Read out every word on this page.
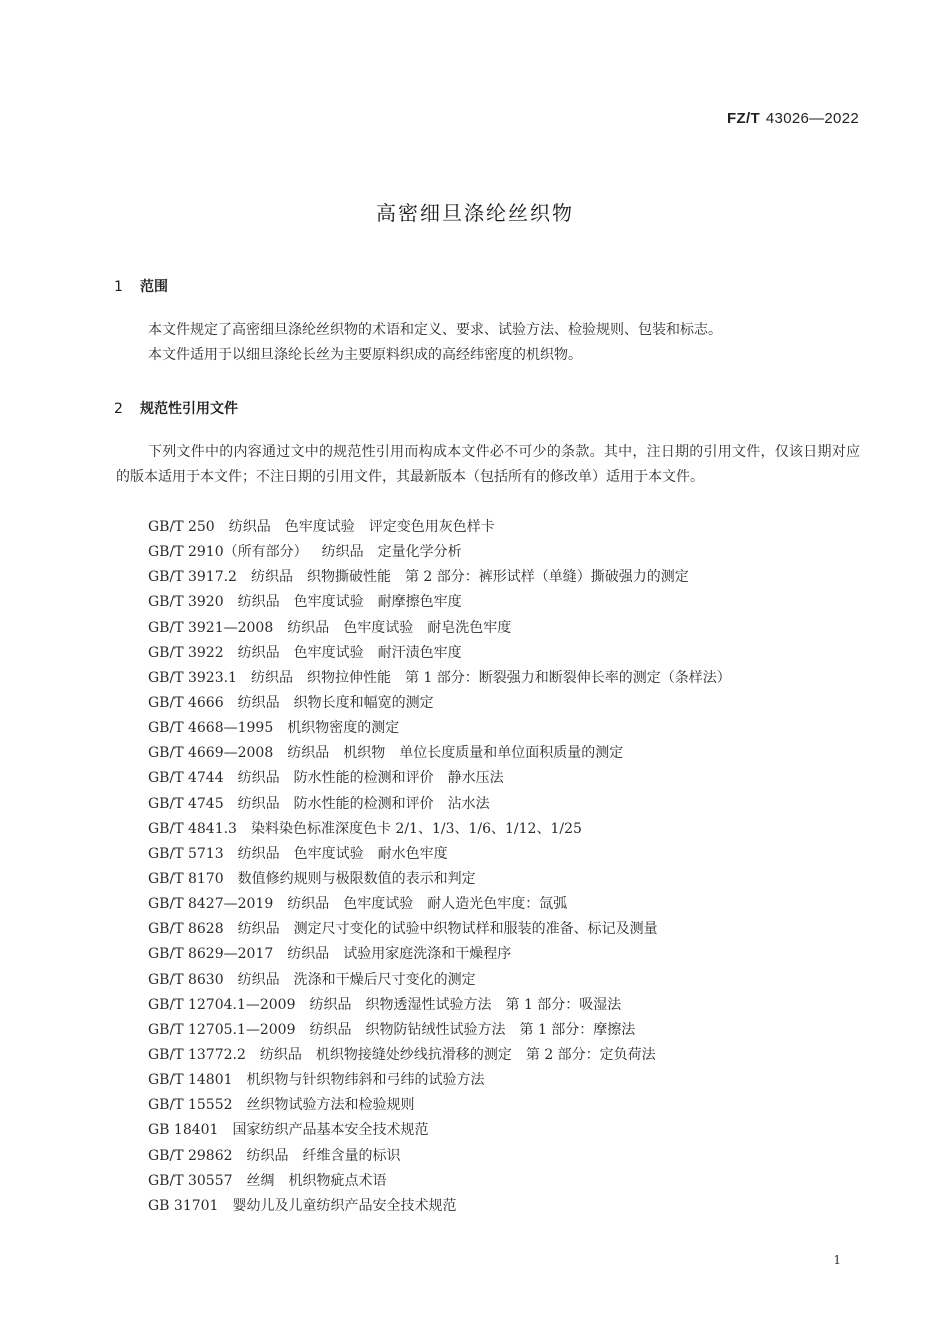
FZ/T 43026—2022
高密细旦涤纶丝织物
1 范围

本文件规定了高密细旦涤纶丝织物的术语和定义、要求、试验方法、检验规则、包装和标志。

本文件适用于以细旦涤纶长丝为主要原料织成的高经纬密度的机织物。

2 规范性引用文件

下列文件中的内容通过文中的规范性引用而构成本文件必不可少的条款。其中，注日期的引用文件，仅该日期对应的版本适用于本文件；不注日期的引用文件，其最新版本（包括所有的修改单）适用于本文件。

GB/T 250 纺织品　色牢度试验　评定变色用灰色样卡
GB/T 2910（所有部分） 纺织品　定量化学分析
GB/T 3917.2 纺织品　织物撕破性能　第 2 部分：裤形试样（单缝）撕破强力的测定
GB/T 3920 纺织品　色牢度试验　耐摩擦色牢度
GB/T 3921—2008 纺织品　色牢度试验　耐皂洗色牢度
GB/T 3922 纺织品　色牢度试验　耐汗渍色牢度
GB/T 3923.1 纺织品　织物拉伸性能　第 1 部分：断裂强力和断裂伸长率的测定（条样法）
GB/T 4666 纺织品　织物长度和幅宽的测定
GB/T 4668—1995 机织物密度的测定
GB/T 4669—2008 纺织品　机织物　单位长度质量和单位面积质量的测定
GB/T 4744 纺织品　防水性能的检测和评价　静水压法
GB/T 4745 纺织品　防水性能的检测和评价　沾水法
GB/T 4841.3 染料染色标准深度色卡 2/1、1/3、1/6、1/12、1/25
GB/T 5713 纺织品　色牢度试验　耐水色牢度
GB/T 8170 数值修约规则与极限数值的表示和判定
GB/T 8427—2019 纺织品　色牢度试验　耐人造光色牢度：氙弧
GB/T 8628 纺织品　测定尺寸变化的试验中织物试样和服装的准备、标记及测量
GB/T 8629—2017 纺织品　试验用家庭洗涤和干燥程序
GB/T 8630 纺织品　洗涤和干燥后尺寸变化的测定
GB/T 12704.1—2009 纺织品　织物透湿性试验方法　第 1 部分：吸湿法
GB/T 12705.1—2009 纺织品　织物防钻绒性试验方法　第 1 部分：摩擦法
GB/T 13772.2 纺织品　机织物接缝处纱线抗滑移的测定　第 2 部分：定负荷法
GB/T 14801 机织物与针织物纬斜和弓纬的试验方法
GB/T 15552 丝织物试验方法和检验规则
GB 18401 国家纺织产品基本安全技术规范
GB/T 29862 纺织品　纤维含量的标识
GB/T 30557 丝绸　机织物疵点术语
GB 31701 婴幼儿及儿童纺织产品安全技术规范
1
